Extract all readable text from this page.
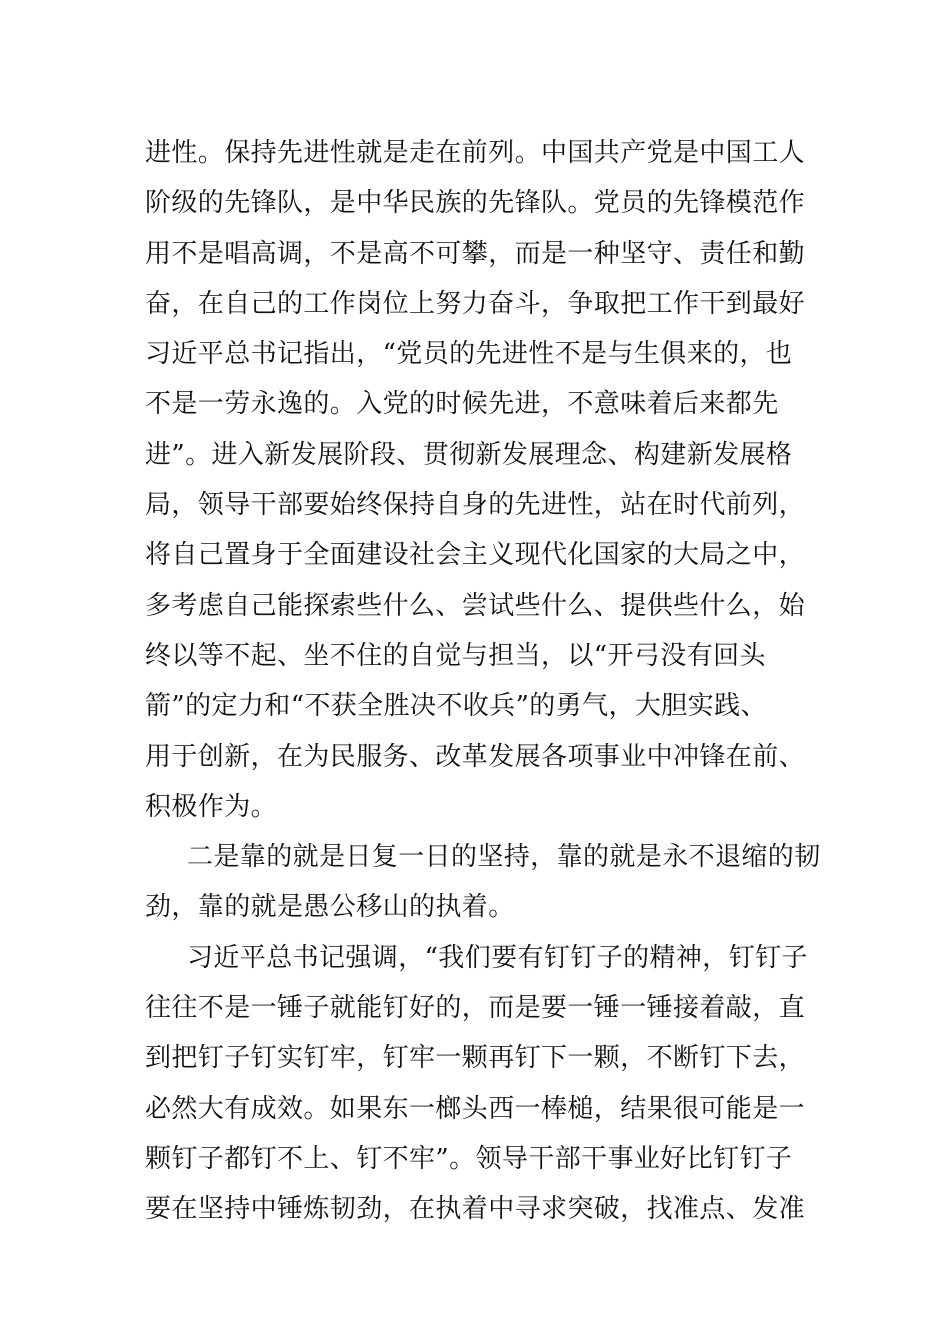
进性。保持先进性就是走在前列。中国共产党是中国工人
阶级的先锋队，是中华民族的先锋队。党员的先锋模范作
用不是唱高调，不是高不可攀，而是一种坚守、责任和勤
奋，在自己的工作岗位上努力奋斗，争取把工作干到最好
习近平总书记指出，“党员的先进性不是与生俱来的，也
不是一劳永逸的。入党的时候先进，不意味着后来都先
进”。进入新发展阶段、贯彻新发展理念、构建新发展格
局，领导干部要始终保持自身的先进性，站在时代前列，
将自己置身于全面建设社会主义现代化国家的大局之中，
多考虑自己能探索些什么、尝试些什么、提供些什么，始
终以等不起、坐不住的自觉与担当，以“开弓没有回头
箭”的定力和“不获全胜决不收兵”的勇气，大胆实践、
用于创新，在为民服务、改革发展各项事业中冲锋在前、
积极作为。
二是靠的就是日复一日的坚持，靠的就是永不退缩的韧
劲，靠的就是愚公移山的执着。
习近平总书记强调，“我们要有钉钉子的精神，钉钉子
往往不是一锤子就能钉好的，而是要一锤一锤接着敲，直
到把钉子钉实钉牢，钉牢一颗再钉下一颗，不断钉下去，
必然大有成效。如果东一榔头西一棒槌，结果很可能是一
颗钉子都钉不上、钉不牢”。领导干部干事业好比钉钉子
要在坚持中锤炼韧劲，在执着中寻求突破，找准点、发准
